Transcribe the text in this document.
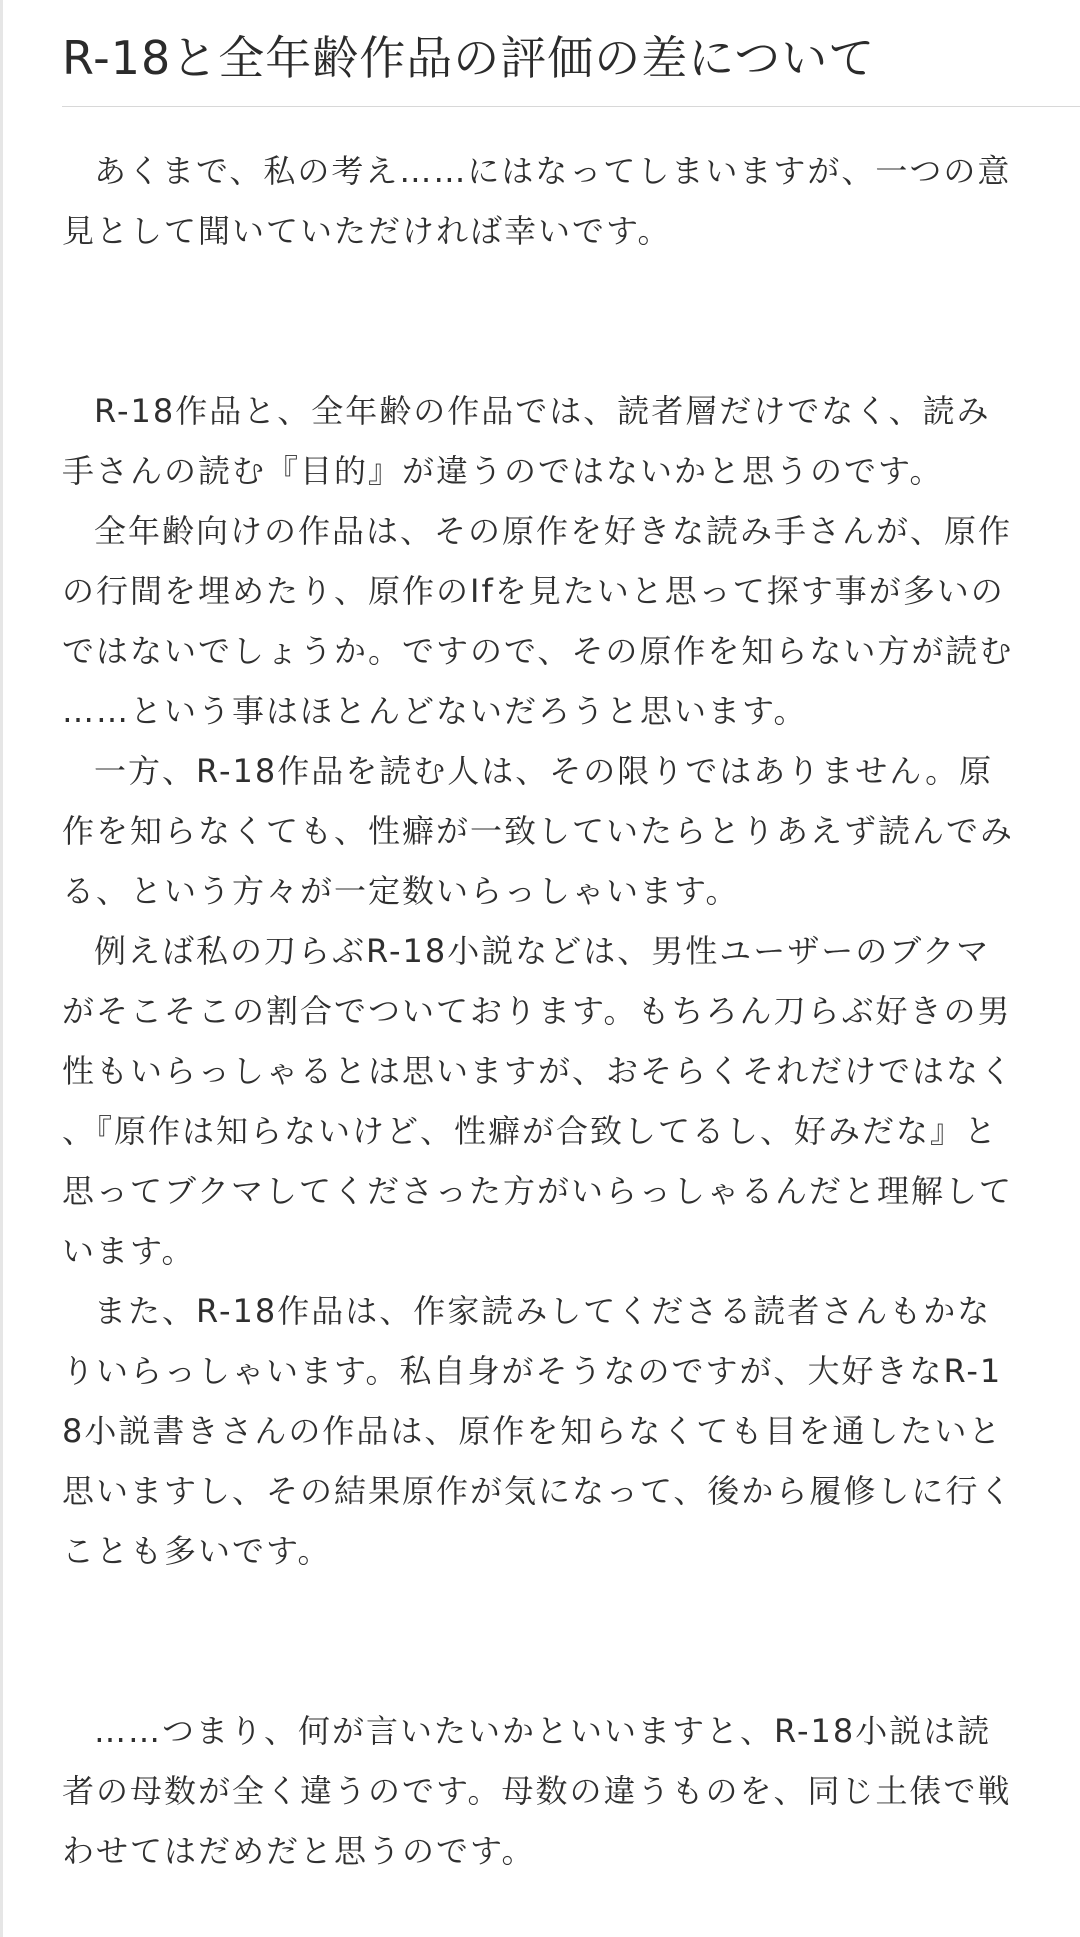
R-18と全年齢作品の評価の差について

あくまで、私の考え……にはなってしまいますが、一つの意見として聞いていただければ幸いです。

R-18作品と、全年齢の作品では、読者層だけでなく、読み手さんの読む『目的』が違うのではないかと思うのです。

全年齢向けの作品は、その原作を好きな読み手さんが、原作の行間を埋めたり、原作のIfを見たいと思って探す事が多いのではないでしょうか。ですので、その原作を知らない方が読む……という事はほとんどないだろうと思います。

一方、R-18作品を読む人は、その限りではありません。原作を知らなくても、性癖が一致していたらとりあえず読んでみる、という方々が一定数いらっしゃいます。

例えば私の刀らぶR-18小説などは、男性ユーザーのブクマがそこそこの割合でついております。もちろん刀らぶ好きの男性もいらっしゃるとは思いますが、おそらくそれだけではなく、『原作は知らないけど、性癖が合致してるし、好みだな』と思ってブクマしてくださった方がいらっしゃるんだと理解しています。

また、R-18作品は、作家読みしてくださる読者さんもかなりいらっしゃいます。私自身がそうなのですが、大好きなR-18小説書きさんの作品は、原作を知らなくても目を通したいと思いますし、その結果原作が気になって、後から履修しに行くことも多いです。

……つまり、何が言いたいかといいますと、R-18小説は読者の母数が全く違うのです。母数の違うものを、同じ土俵で戦わせてはだめだと思うのです。
